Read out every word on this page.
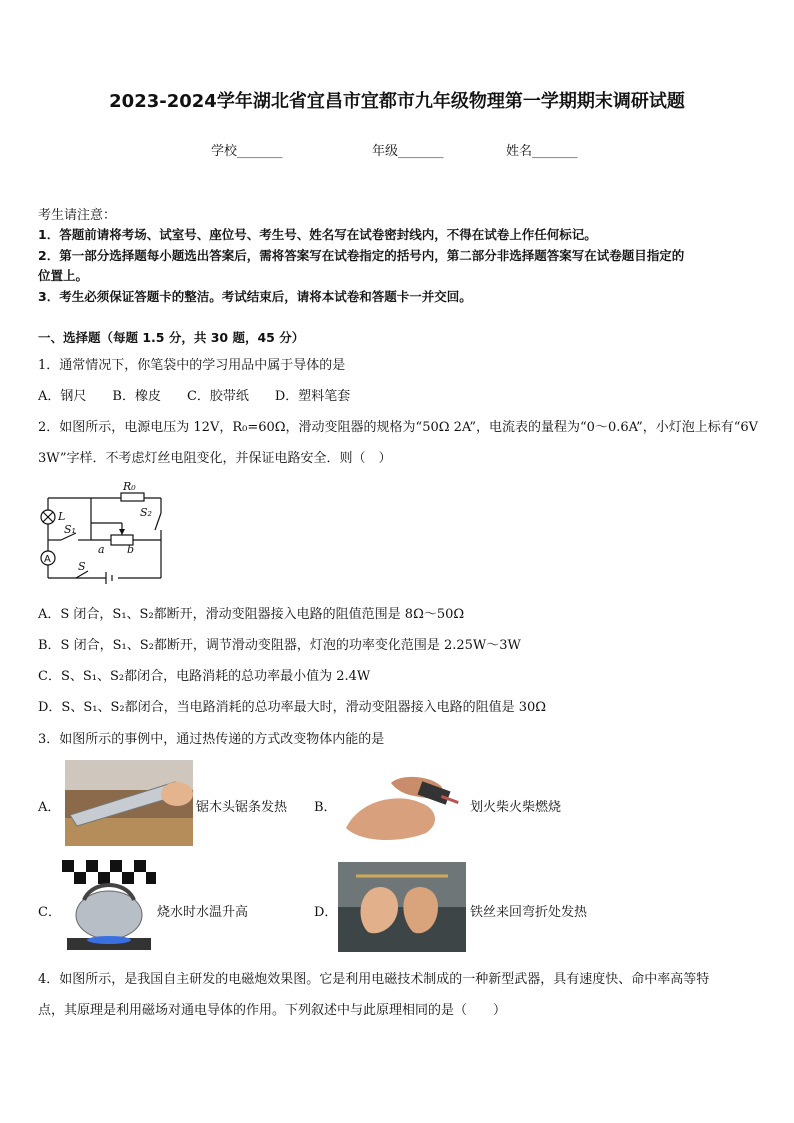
2023-2024学年湖北省宜昌市宜都市九年级物理第一学期期末调研试题
学校_______	年级_______	姓名_______
考生请注意：
1．答题前请将考场、试室号、座位号、考生号、姓名写在试卷密封线内，不得在试卷上作任何标记。
2．第一部分选择题每小题选出答案后，需将答案写在试卷指定的括号内，第二部分非选择题答案写在试卷题目指定的
位置上。
3．考生必须保证答题卡的整洁。考试结束后，请将本试卷和答题卡一并交回。
一、选择题（每题 1.5 分，共 30 题，45 分）
1．通常情况下，你笔袋中的学习用品中属于导体的是
A．钢尺　　B．橡皮　　C．胶带纸　　D．塑料笔套
2．如图所示，电源电压为 12V，R₀=60Ω，滑动变阻器的规格为“50Ω 2A”，电流表的量程为“0～0.6A”，小灯泡上标有“6V
3W”字样．不考虑灯丝电阻变化，并保证电路安全．则（　）
R₀
L
S₁
S₂
a b
S
A
A．S 闭合，S₁、S₂都断开，滑动变阻器接入电路的阻值范围是 8Ω～50Ω
B．S 闭合，S₁、S₂都断开，调节滑动变阻器，灯泡的功率变化范围是 2.25W～3W
C．S、S₁、S₂都闭合，电路消耗的总功率最小值为 2.4W
D．S、S₁、S₂都闭合，当电路消耗的总功率最大时，滑动变阻器接入电路的阻值是 30Ω
3．如图所示的事例中，通过热传递的方式改变物体内能的是
A．	锯木头锯条发热 B．	划火柴火柴燃烧
C．	烧水时水温升高	D．	铁丝来回弯折处发热
4．如图所示，是我国自主研发的电磁炮效果图。它是利用电磁技术制成的一种新型武器，具有速度快、命中率高等特
点，其原理是利用磁场对通电导体的作用。下列叙述中与此原理相同的是（　　）
